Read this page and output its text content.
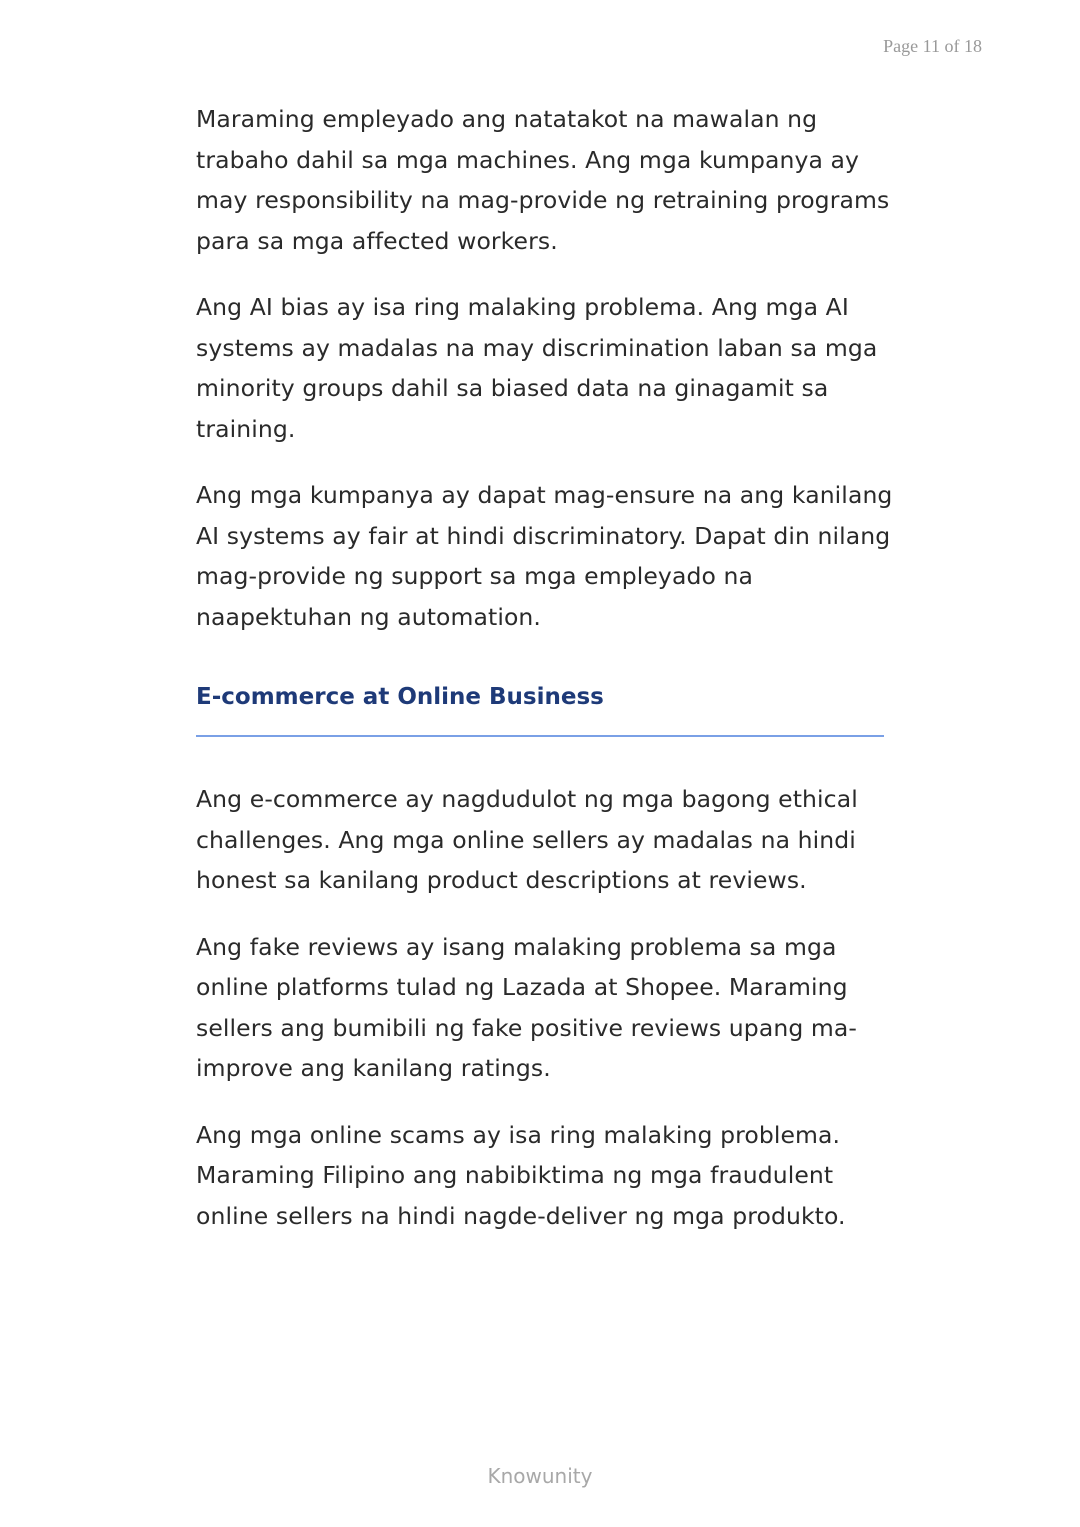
Page 11 of 18

Maraming empleyado ang natatakot na mawalan ng trabaho dahil sa mga machines. Ang mga kumpanya ay may responsibility na mag-provide ng retraining programs para sa mga affected workers.

Ang AI bias ay isa ring malaking problema. Ang mga AI systems ay madalas na may discrimination laban sa mga minority groups dahil sa biased data na ginagamit sa training.

Ang mga kumpanya ay dapat mag-ensure na ang kanilang AI systems ay fair at hindi discriminatory. Dapat din nilang mag-provide ng support sa mga empleyado na naapektuhan ng automation.

E-commerce at Online Business

Ang e-commerce ay nagdudulot ng mga bagong ethical challenges. Ang mga online sellers ay madalas na hindi honest sa kanilang product descriptions at reviews.

Ang fake reviews ay isang malaking problema sa mga online platforms tulad ng Lazada at Shopee. Maraming sellers ang bumibili ng fake positive reviews upang ma-improve ang kanilang ratings.

Ang mga online scams ay isa ring malaking problema. Maraming Filipino ang nabibiktima ng mga fraudulent online sellers na hindi nagde-deliver ng mga produkto.

Knowunity
